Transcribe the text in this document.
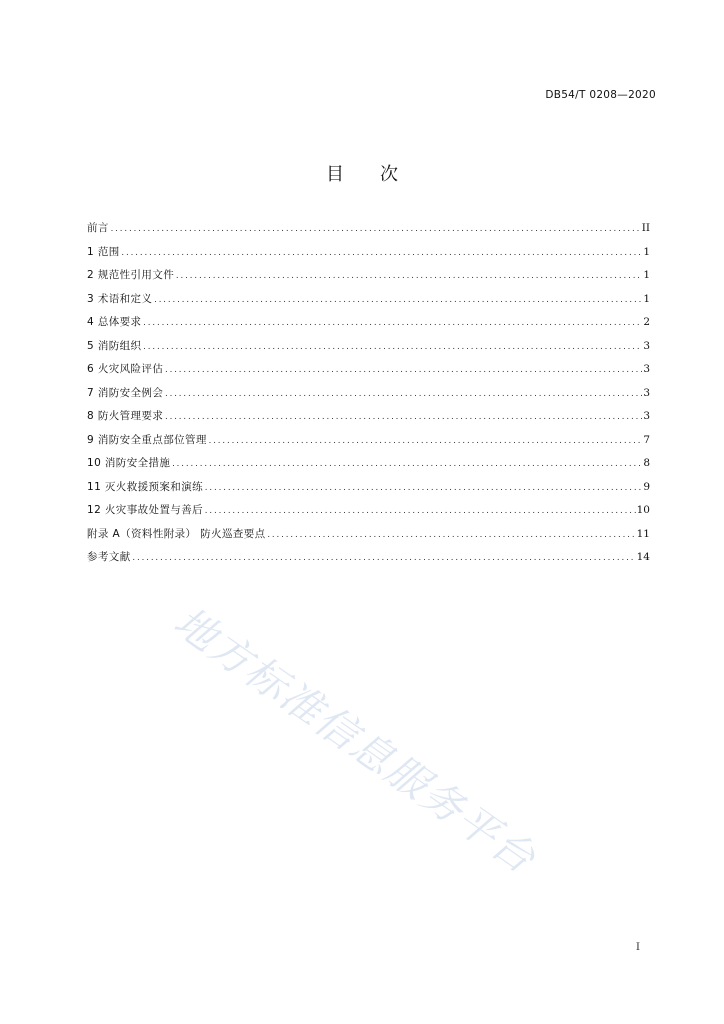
DB54/T 0208—2020
目次
前言 .....	II
1 范围 .....	1
2 规范性引用文件 .....	1
3 术语和定义 .....	1
4 总体要求 .....	2
5 消防组织 .....	3
6 火灾风险评估 .....	3
7 消防安全例会 .....	3
8 防火管理要求 .....	3
9 消防安全重点部位管理 .....	7
10 消防安全措施 .....	8
11 灭火救援预案和演练 .....	9
12 火灾事故处置与善后 .....	10
附录 A（资料性附录） 防火巡查要点 .....	11
参考文献 .....	14
地方标准信息服务平台
I
